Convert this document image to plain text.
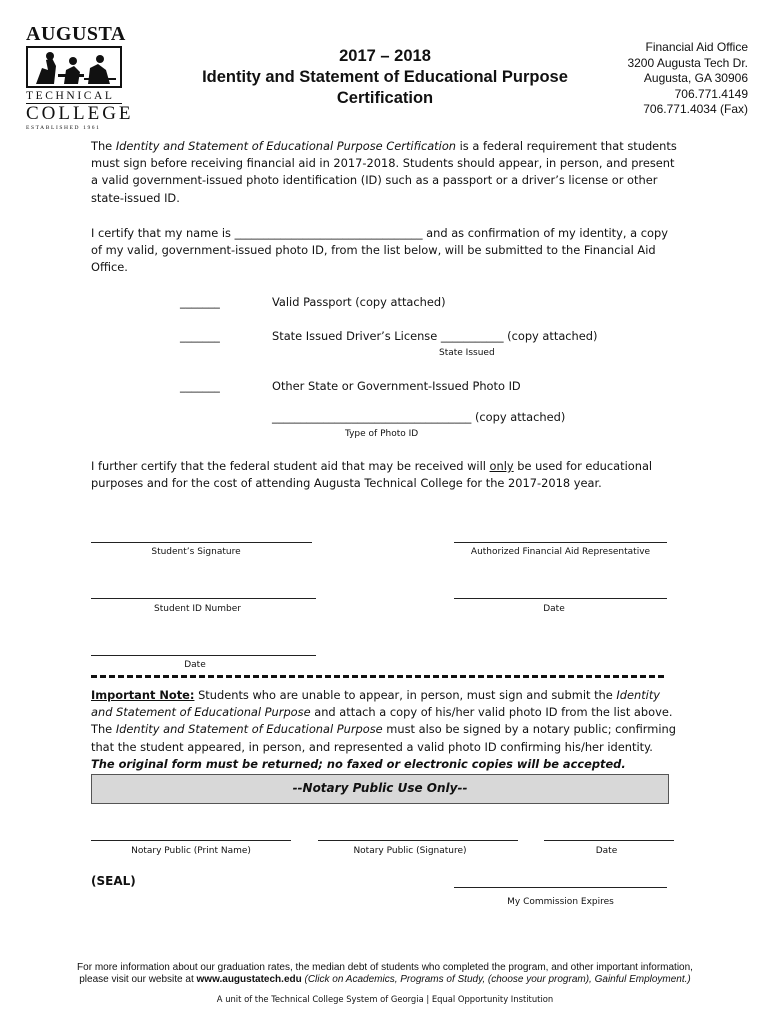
AUGUSTA
TECHNICAL
COLLEGE
ESTABLISHED 1961
2017 – 2018
Identity and Statement of Educational Purpose
Certification
Financial Aid Office
3200 Augusta Tech Dr.
Augusta, GA 30906
706.771.4149
706.771.4034 (Fax)
The Identity and Statement of Educational Purpose Certification is a federal requirement that students must sign before receiving financial aid in 2017-2018. Students should appear, in person, and present a valid government-issued photo identification (ID) such as a passport or a driver’s license or other state-issued ID.
I certify that my name is _________________________________ and as confirmation of my identity, a copy of my valid, government-issued photo ID, from the list below, will be submitted to the Financial Aid Office.
_______	Valid Passport (copy attached)
_______	State Issued Driver’s License ___________ (copy attached)
State Issued
_______	Other State or Government-Issued Photo ID
___________________________________ (copy attached)
Type of Photo ID
I further certify that the federal student aid that may be received will only be used for educational purposes and for the cost of attending Augusta Technical College for the 2017-2018 year.
Student’s Signature	Authorized Financial Aid Representative
Student ID Number	Date
Date
Important Note: Students who are unable to appear, in person, must sign and submit the Identity and Statement of Educational Purpose and attach a copy of his/her valid photo ID from the list above. The Identity and Statement of Educational Purpose must also be signed by a notary public; confirming that the student appeared, in person, and represented a valid photo ID confirming his/her identity. The original form must be returned; no faxed or electronic copies will be accepted.
--Notary Public Use Only--
Notary Public (Print Name)	Notary Public (Signature)	Date
(SEAL)
My Commission Expires
For more information about our graduation rates, the median debt of students who completed the program, and other important information,
please visit our website at www.augustatech.edu (Click on Academics, Programs of Study, (choose your program), Gainful Employment.)
A unit of the Technical College System of Georgia | Equal Opportunity Institution
